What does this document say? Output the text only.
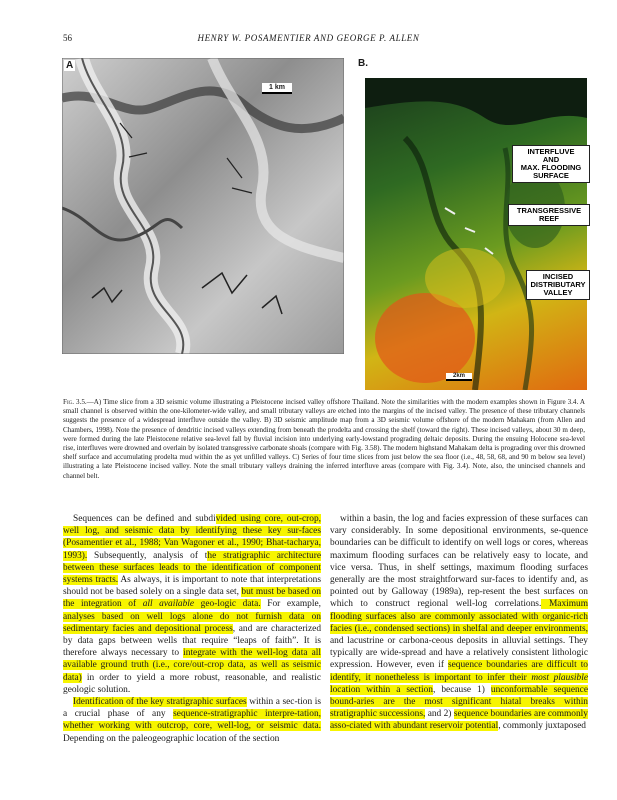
56	HENRY W. POSAMENTIER AND GEORGE P. ALLEN
A
1 km
B.
INTERFLUVE
AND
MAX. FLOODING
SURFACE
TRANSGRESSIVE
REEF
INCISED
DISTRIBUTARY
VALLEY
2km
Fig. 3.5.—A) Time slice from a 3D seismic volume illustrating a Pleistocene incised valley offshore Thailand. Note the similarities with the modern examples shown in Figure 3.4. A small channel is observed within the one-kilometer-wide valley, and small tributary valleys are etched into the margins of the incised valley. The presence of these tributary channels suggests the presence of a widespread interfluve outside the valley. B) 3D seismic amplitude map from a 3D seismic volume offshore of the modern Mahakam (from Allen and Chambers, 1998). Note the presence of dendritic incised valleys extending from beneath the prodelta and crossing the shelf (toward the right). These incised valleys, about 30 m deep, were formed during the late Pleistocene relative sea-level fall by fluvial incision into underlying early-lowstand prograding deltaic deposits. During the ensuing Holocene sea-level rise, interfluves were drowned and overlain by isolated transgressive carbonate shoals (compare with Fig. 3.58). The modern highstand Mahakam delta is prograding over this drowned shelf surface and accumulating prodelta mud within the as yet unfilled valleys. C) Series of four time slices from just below the sea floor (i.e., 48, 58, 68, and 90 m below sea level) illustrating a late Pleistocene incised valley. Note the small tributary valleys draining the inferred interfluve areas (compare with Fig. 3.4). Note, also, the unincised channels and channel belt.

Sequences can be defined and subdivided using core, out-crop, well log, and seismic data by identifying these key sur-faces (Posamentier et al., 1988; Van Wagoner et al., 1990; Bhat-tacharya, 1993). Subsequently, analysis of the stratigraphic architecture between these surfaces leads to the identification of component systems tracts. As always, it is important to note that interpretations should not be based solely on a single data set, but must be based on the integration of all available geo-logic data. For example, analyses based on well logs alone do not furnish data on sedimentary facies and depositional process, and are characterized by data gaps between wells that require “leaps of faith”. It is therefore always necessary to integrate with the well-log data all available ground truth (i.e., core/out-crop data, as well as seismic data) in order to yield a more robust, reasonable, and realistic geologic solution.

Identification of the key stratigraphic surfaces within a sec-tion is a crucial phase of any sequence-stratigraphic interpre-tation, whether working with outcrop, core, well-log, or seismic data. Depending on the paleogeographic location of the section

within a basin, the log and facies expression of these surfaces can vary considerably. In some depositional environments, se-quence boundaries can be difficult to identify on well logs or cores, whereas maximum flooding surfaces can be relatively easy to locate, and vice versa. Thus, in shelf settings, maximum flooding surfaces generally are the most straightforward sur-faces to identify and, as pointed out by Galloway (1989a), rep-resent the best surfaces on which to construct regional well-log correlations. Maximum flooding surfaces also are commonly associated with organic-rich facies (i.e., condensed sections) in shelfal and deeper environments, and lacustrine or carbona-ceous deposits in alluvial settings. They typically are wide-spread and have a relatively consistent lithologic expression. However, even if sequence boundaries are difficult to identify, it nonetheless is important to infer their most plausible location within a section, because 1) unconformable sequence bound-aries are the most significant hiatal breaks within stratigraphic successions, and 2) sequence boundaries are commonly asso-ciated with abundant reservoir potential, commonly juxtaposed
